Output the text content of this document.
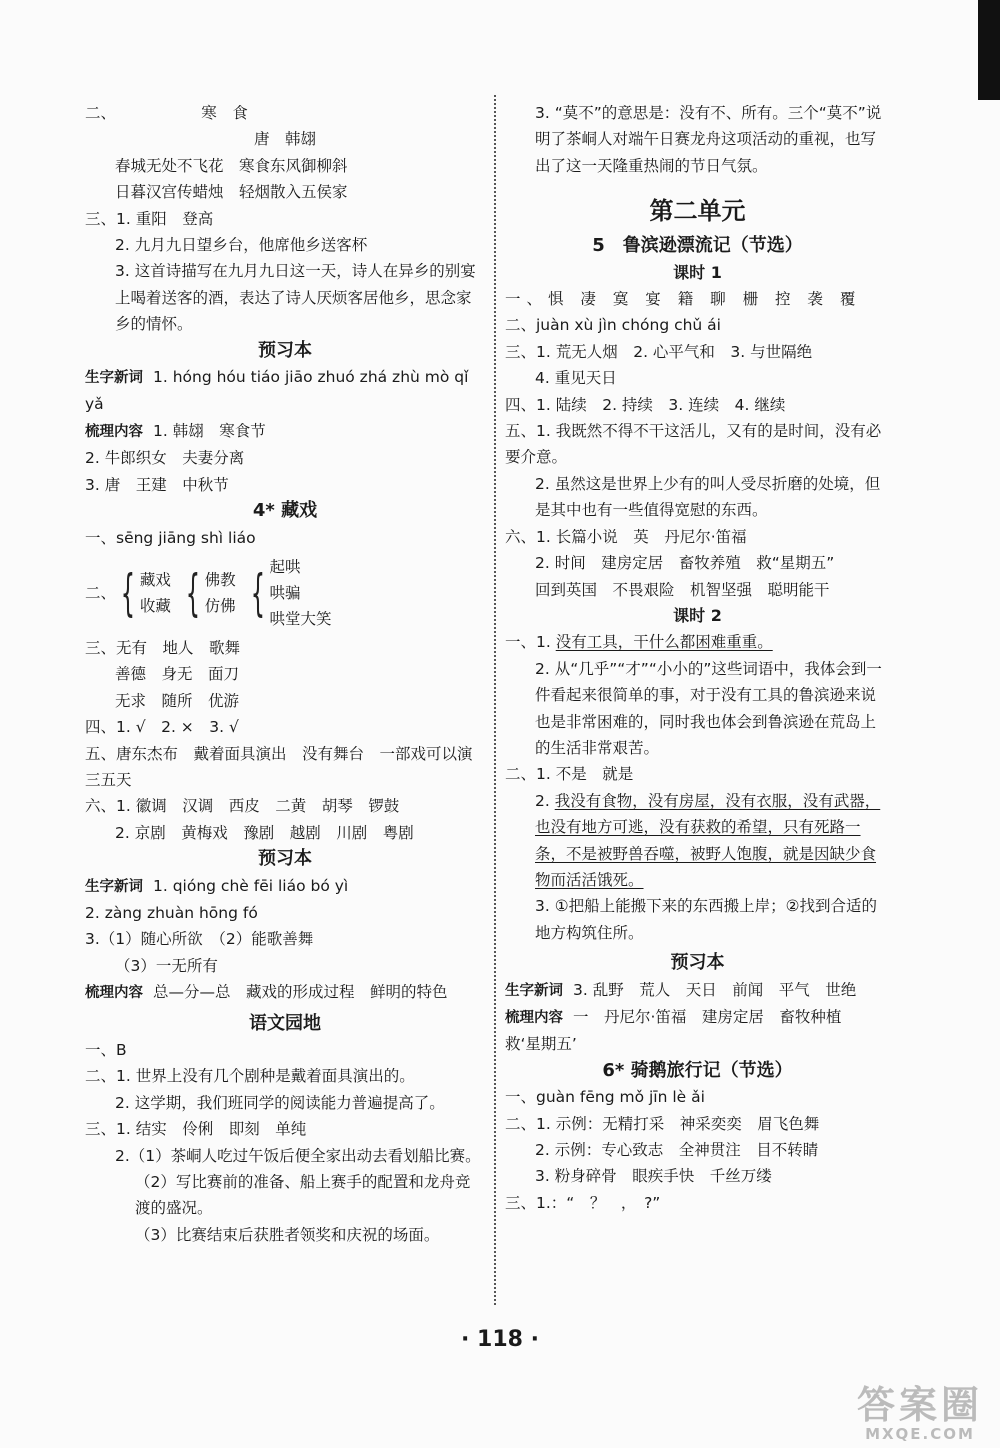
二、　　　　　　寒　食
唐　韩翃
春城无处不飞花　寒食东风御柳斜
日暮汉宫传蜡烛　轻烟散入五侯家
三、1. 重阳　登高
2. 九月九日望乡台，他席他乡送客杯
3. 这首诗描写在九月九日这一天，诗人在异乡的别宴上喝着送客的酒，表达了诗人厌烦客居他乡，思念家乡的情怀。
预习本
生字新词 1. hóng hóu tiáo jiāo zhuó zhá zhù mò qǐ yǎ
梳理内容 1. 韩翃　寒食节
2. 牛郎织女　夫妻分离
3. 唐　王建　中秋节
4* 藏戏
一、sēng jiāng shì liáo
二、 { 藏戏
收藏 { 佛教
仿佛 { 起哄
哄骗
哄堂大笑
三、无有　地人　歌舞
善德　身无　面刀
无求　随所　优游
四、1. √　2. ×　3. √
五、唐东杰布　戴着面具演出　没有舞台　一部戏可以演三五天
六、1. 徽调　汉调　西皮　二黄　胡琴　锣鼓
2. 京剧　黄梅戏　豫剧　越剧　川剧　粤剧
预习本
生字新词 1. qióng chè fēi liáo bó yì
2. zàng zhuàn hōng fó
3.（1）随心所欲　（2）能歌善舞
（3）一无所有
梳理内容 总—分—总　藏戏的形成过程　鲜明的特色
语文园地
一、B
二、1. 世界上没有几个剧种是戴着面具演出的。
2. 这学期，我们班同学的阅读能力普遍提高了。
三、1. 结实　伶俐　即刻　单纯
2.（1）茶峒人吃过午饭后便全家出动去看划船比赛。
（2）写比赛前的准备、船上赛手的配置和龙舟竞渡的盛况。
（3）比赛结束后获胜者领奖和庆祝的场面。
3. “莫不”的意思是：没有不、所有。三个“莫不”说明了茶峒人对端午日赛龙舟这项活动的重视，也写出了这一天隆重热闹的节日气氛。
第二单元
5　鲁滨逊漂流记（节选）
课时 1
一、惧 凄 寞 宴 籍 聊 栅 控 袭 覆
二、juàn xù jìn chóng chǔ ái
三、1. 荒无人烟　2. 心平气和　3. 与世隔绝
4. 重见天日
四、1. 陆续　2. 持续　3. 连续　4. 继续
五、1. 我既然不得不干这活儿，又有的是时间，没有必要介意。
2. 虽然这是世界上少有的叫人受尽折磨的处境，但是其中也有一些值得宽慰的东西。
六、1. 长篇小说　英　丹尼尔·笛福
2. 时间　建房定居　畜牧养殖　救“星期五”
回到英国　不畏艰险　机智坚强　聪明能干
课时 2
一、1. 没有工具，干什么都困难重重。
2. 从“几乎”“才”“小小的”这些词语中，我体会到一件看起来很简单的事，对于没有工具的鲁滨逊来说也是非常困难的，同时我也体会到鲁滨逊在荒岛上的生活非常艰苦。
二、1. 不是　就是
2. 我没有食物，没有房屋，没有衣服，没有武器，也没有地方可逃，没有获救的希望，只有死路一条，不是被野兽吞噬，被野人饱腹，就是因缺少食物而活活饿死。
3. ①把船上能搬下来的东西搬上岸；②找到合适的地方构筑住所。
预习本
生字新词 3. 乱野　荒人　天日　前闻　平气　世绝
梳理内容 一　丹尼尔·笛福　建房定居　畜牧种植　救‘星期五’
6* 骑鹅旅行记（节选）
一、guàn fēng mǒ jīn lè ǎi
二、1. 示例：无精打采　神采奕奕　眉飞色舞
2. 示例：专心致志　全神贯注　目不转睛
3. 粉身碎骨　眼疾手快　千丝万缕
三、1.：“　？　，　?”
· 118 ·
答案圈
MXQE.COM
